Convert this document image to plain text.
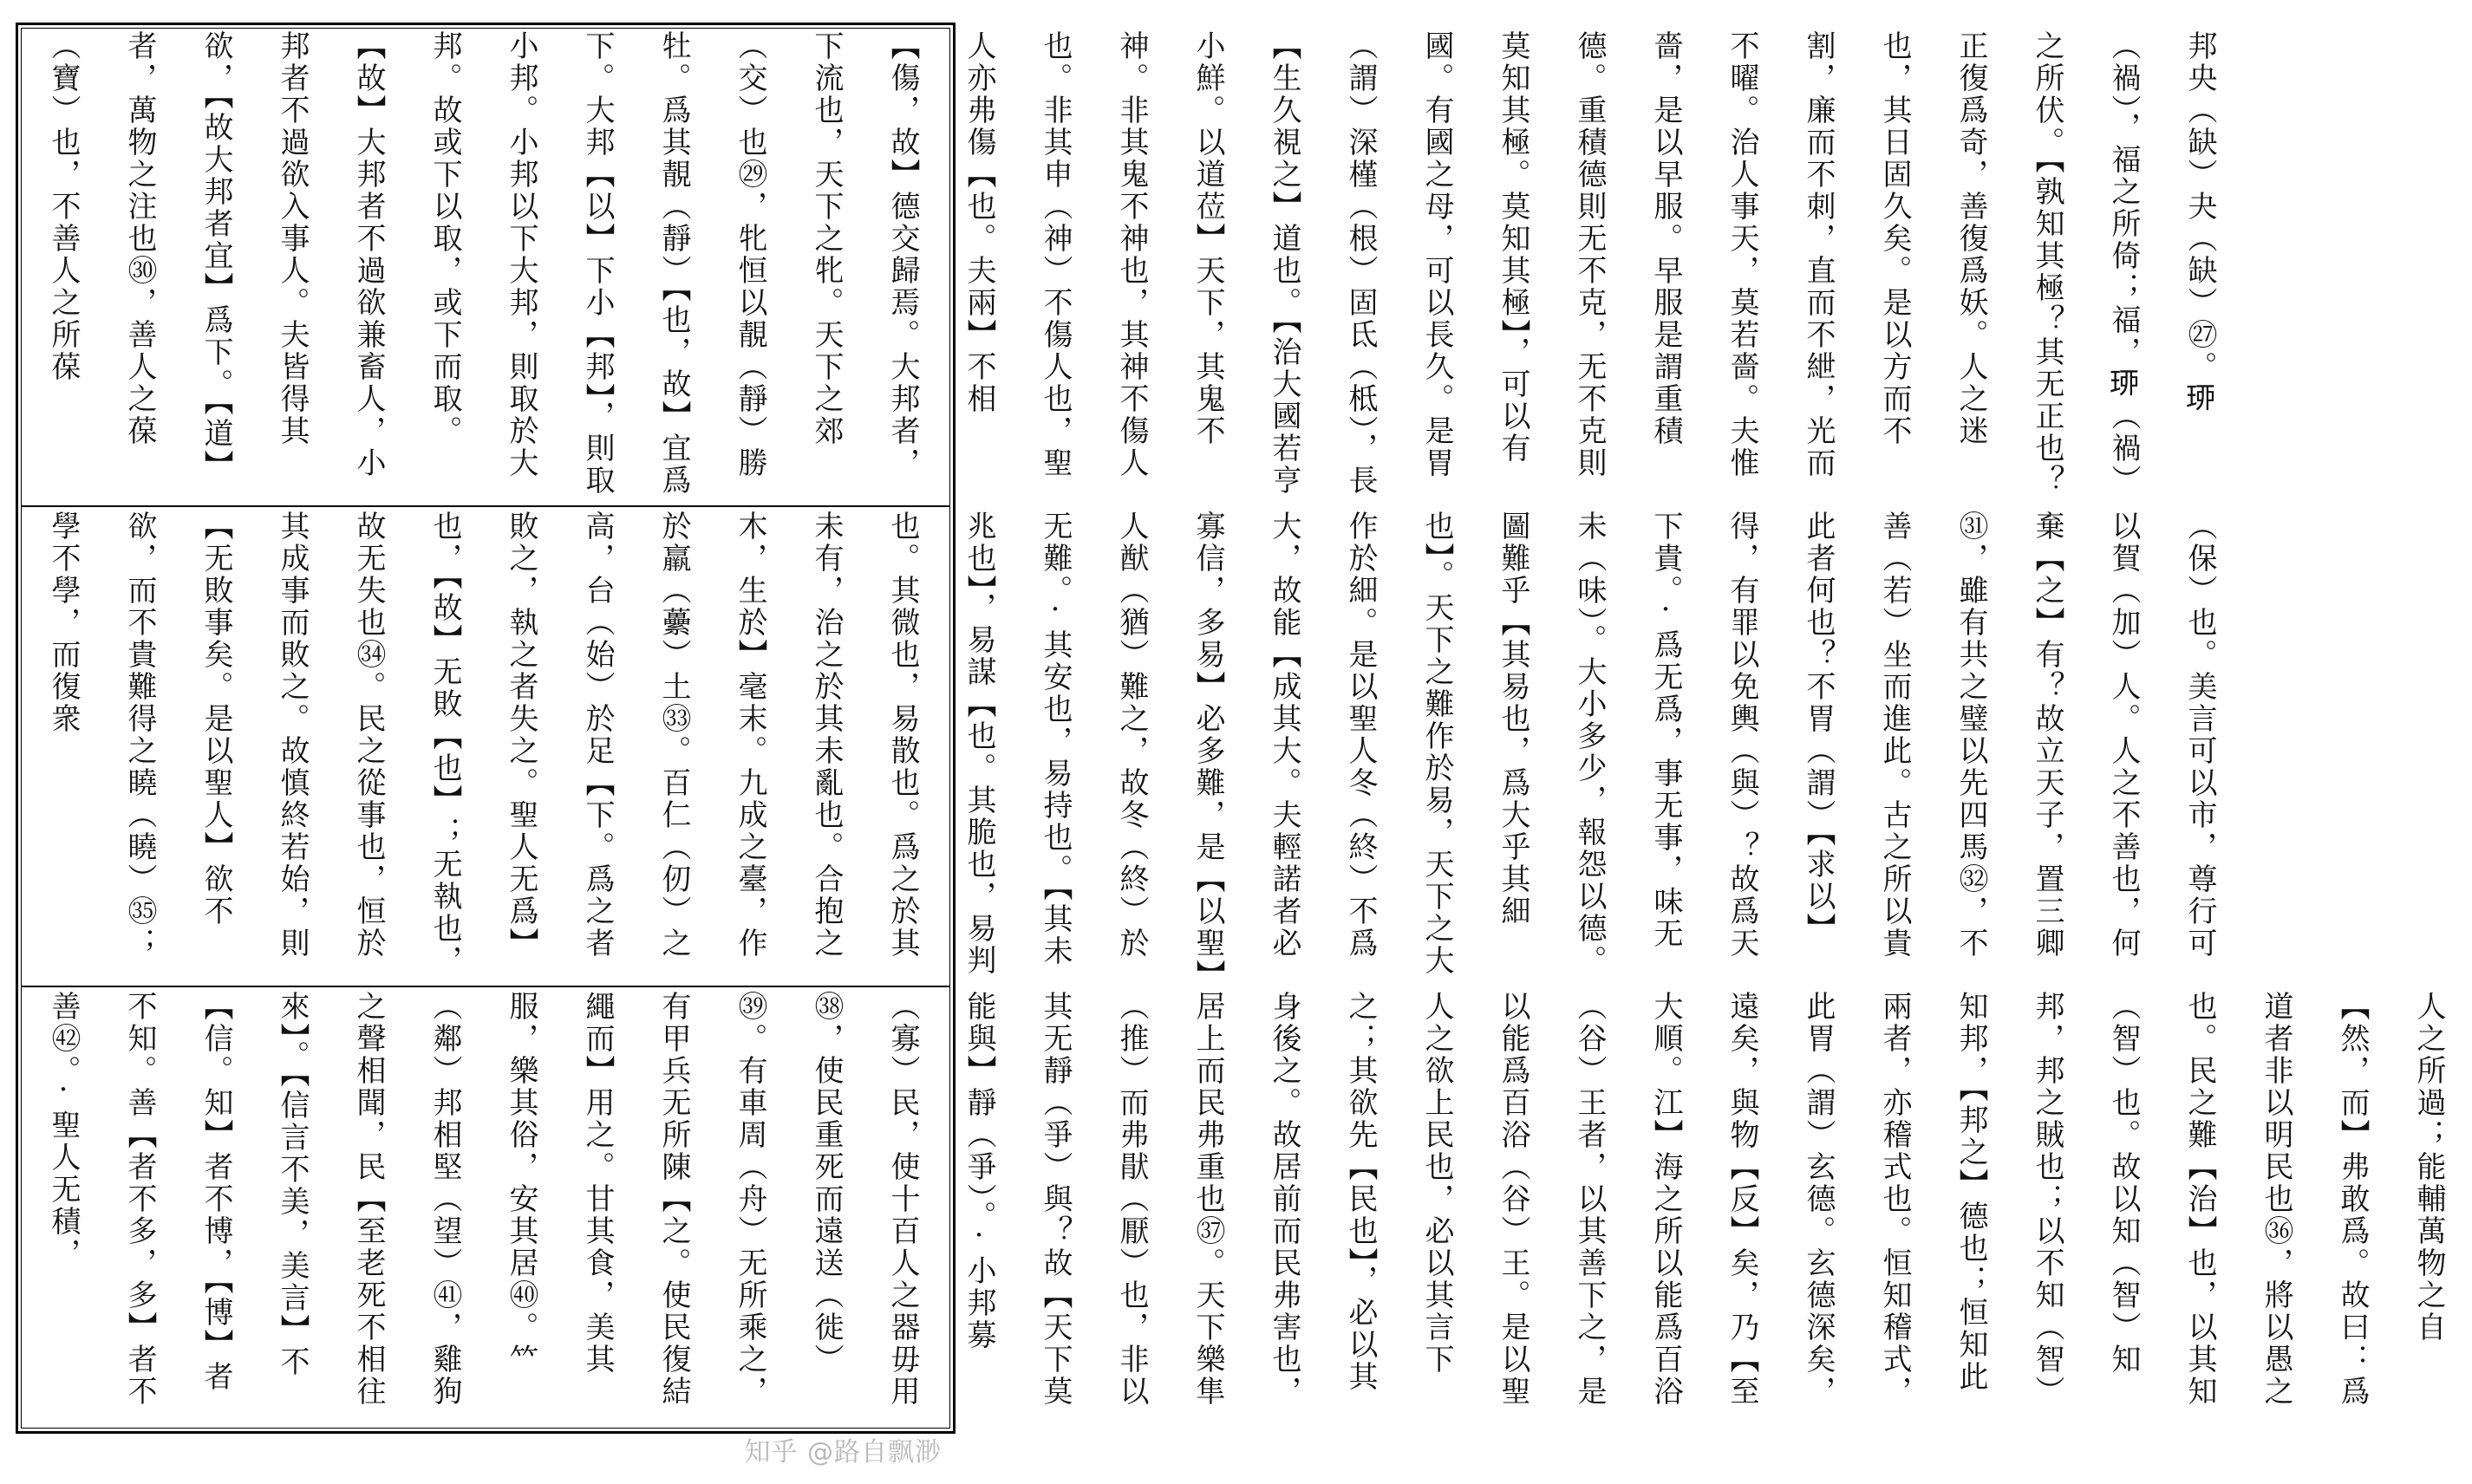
邦央（缺）夬（缺）㉗。𤥗（禍），福之所倚；福，𤥗（禍）之所伏。【孰知其極？其无正也？正復爲奇，善復爲妖。人之迷也，其日固久矣。是以方而不割，廉而不刺，直而不紲，光而不曜。治人事天，莫若嗇。夫惟嗇，是以早服。早服是謂重積德。重積德則无不克，无不克則莫知其極。莫知其極】，可以有國。有國之母，可以長久。是胃（謂）深槿（根）固氐（柢），長【生久視之】道也。【治大國若亨小鮮。以道莅】天下，其鬼不神。非其鬼不神也，其神不傷人也。非其申（神）不傷人也，聖人亦弗傷【也。夫兩】不相【傷，故】德交歸焉。大邦者，下流也，天下之牝。天下之郊（交）也㉙，牝恒以靚（靜）勝牡。爲其靚（靜）【也，故】宜爲下。大邦【以】下小【邦】，則取小邦。小邦以下大邦，則取於大邦。故或下以取，或下而取。【故】大邦者不過欲兼畜人，小邦者不過欲入事人。夫皆得其欲，【故大邦者宜】爲下。【道】者，萬物之注也㉚，善人之葆（寶）也，不善人之所葆
（保）也。美言可以市，尊行可以賀（加）人。人之不善也，何棄【之】有？故立天子，置三卿㉛，雖有共之璧以先四馬㉜，不善（若）坐而進此。古之所以貴此者何也？不胃（謂）【求以】得，有罪以免輿（與）？故爲天下貴。·爲无爲，事无事，味无未（味）。大小多少，報怨以德。圖難乎【其易也，爲大乎其細也】。天下之難作於易，天下之大作於細。是以聖人冬（終）不爲大，故能【成其大。夫輕諾者必寡信，多易】必多難，是【以聖】人猷（猶）難之，故冬（終）於无難。·其安也，易持也。【其未兆也】，易謀【也。其脆也，易判也。其微也，易散也。爲之於其未有，治之於其未亂也。合抱之木，生於】毫末。九成之臺，作於羸（虆）土㉝。百仁（仞）之高，台（始）於足【下。爲之者敗之，執之者失之。聖人无爲】也，【故】无敗【也】；无執也，故无失也㉞。民之從事也，恒於其成事而敗之。故慎終若始，則【无敗事矣。是以聖人】欲不欲，而不貴難得之䁱（䁱）㉟；學不學，而復衆
人之所過；能輔萬物之自【然，而】弗敢爲。故曰：爲道者非以明民也㊱，將以愚之也。民之難【治】也，以其知（智）也。故以知（智）知邦，邦之賊也；以不知（智）知邦，【邦之】德也；恒知此兩者，亦稽式也。恒知稽式，此胃（謂）玄德。玄德深矣，遠矣，與物【反】矣，乃【至大順。江】海之所以能爲百浴（谷）王者，以其善下之，是以能爲百浴（谷）王。是以聖人之欲上民也，必以其言下之；其欲先【民也】，必以其身後之。故居前而民弗害也，居上而民弗重也㊲。天下樂隼（推）而弗猒（厭）也，非以其无靜（爭）與？故【天下莫能與】靜（爭）。·小邦募（寡）民，使十百人之器毋用㊳，使民重死而遠送（徙）㊴。有車周（舟）无所乘之，有甲兵无所陳【之。使民復結繩而】用之。甘其食，美其服，樂其俗，安其居㊵。𥫗（鄰）邦相堅（望）㊶，雞狗之聲相聞，民【至老死不相往來】。【信言不美，美言】不【信。知】者不博，【博】者不知。善【者不多，多】者不善㊷。·聖人无積，
知乎 @路自飘渺
